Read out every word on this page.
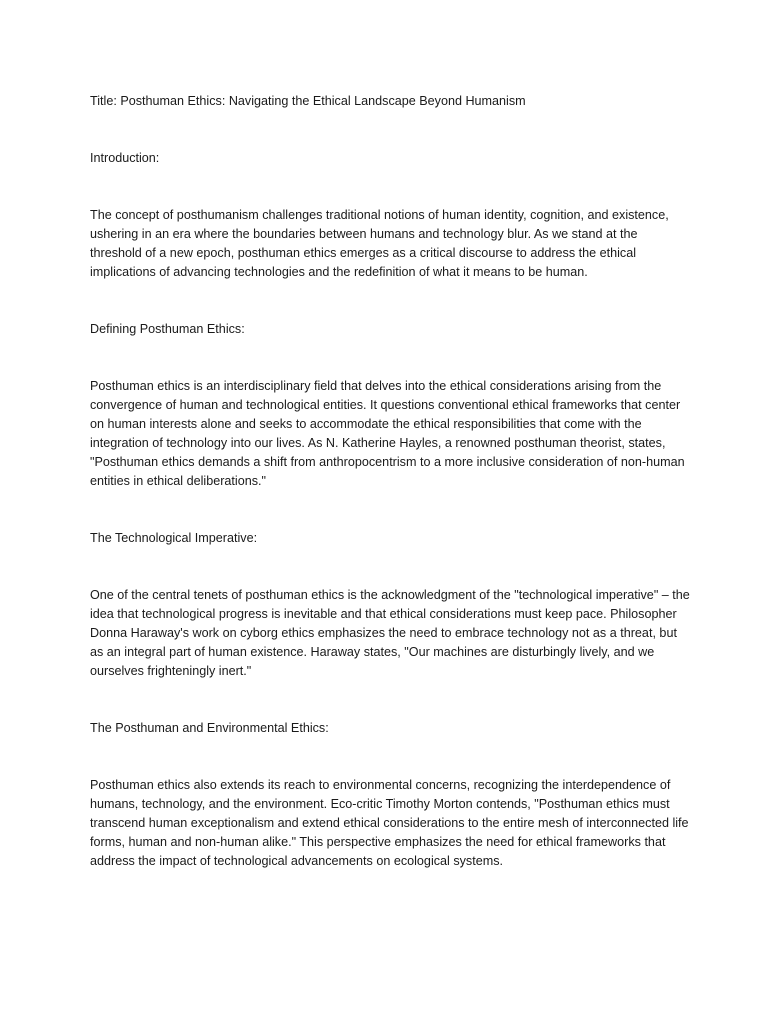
Title: Posthuman Ethics: Navigating the Ethical Landscape Beyond Humanism

Introduction:

The concept of posthumanism challenges traditional notions of human identity, cognition, and existence, ushering in an era where the boundaries between humans and technology blur. As we stand at the threshold of a new epoch, posthuman ethics emerges as a critical discourse to address the ethical implications of advancing technologies and the redefinition of what it means to be human.

Defining Posthuman Ethics:

Posthuman ethics is an interdisciplinary field that delves into the ethical considerations arising from the convergence of human and technological entities. It questions conventional ethical frameworks that center on human interests alone and seeks to accommodate the ethical responsibilities that come with the integration of technology into our lives. As N. Katherine Hayles, a renowned posthuman theorist, states, "Posthuman ethics demands a shift from anthropocentrism to a more inclusive consideration of non-human entities in ethical deliberations."

The Technological Imperative:

One of the central tenets of posthuman ethics is the acknowledgment of the "technological imperative" – the idea that technological progress is inevitable and that ethical considerations must keep pace. Philosopher Donna Haraway's work on cyborg ethics emphasizes the need to embrace technology not as a threat, but as an integral part of human existence. Haraway states, "Our machines are disturbingly lively, and we ourselves frighteningly inert."

The Posthuman and Environmental Ethics:

Posthuman ethics also extends its reach to environmental concerns, recognizing the interdependence of humans, technology, and the environment. Eco-critic Timothy Morton contends, "Posthuman ethics must transcend human exceptionalism and extend ethical considerations to the entire mesh of interconnected life forms, human and non-human alike." This perspective emphasizes the need for ethical frameworks that address the impact of technological advancements on ecological systems.
